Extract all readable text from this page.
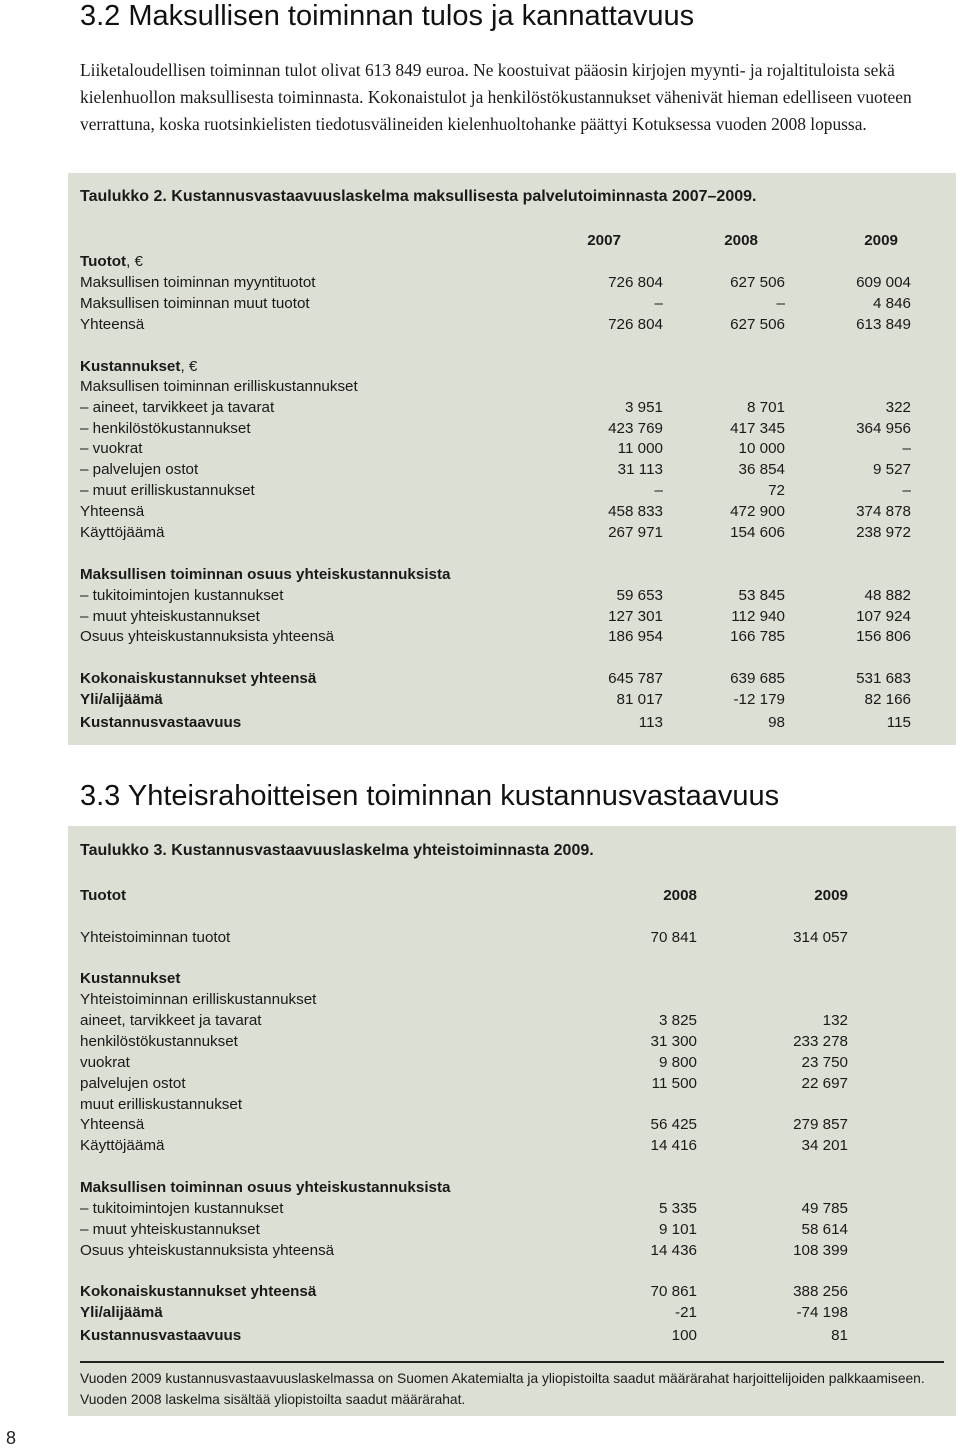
3.2 Maksullisen toiminnan tulos ja kannattavuus

Liiketaloudellisen toiminnan tulot olivat 613 849 euroa. Ne koostuivat pääosin kirjojen myynti- ja rojaltituloista sekä kielenhuollon maksullisesta toiminnasta. Kokonaistulot ja henkilöstökustannukset vähenivät hieman edelliseen vuoteen verrattuna, koska ruotsinkielisten tiedotusvälineiden kielenhuoltohanke päättyi Kotuksessa vuoden 2008 lopussa.

Taulukko 2. Kustannusvastaavuuslaskelma maksullisesta palvelutoiminnasta 2007–2009.

2007	2008	2009
Tuotot, €
Maksullisen toiminnan myyntituotot	726 804	627 506	609 004
Maksullisen toiminnan muut tuotot	–	–	4 846
Yhteensä	726 804	627 506	613 849
Kustannukset, €
Maksullisen toiminnan erilliskustannukset
– aineet, tarvikkeet ja tavarat	3 951	8 701	322
– henkilöstökustannukset	423 769	417 345	364 956
– vuokrat	11 000	10 000	–
– palvelujen ostot	31 113	36 854	9 527
– muut erilliskustannukset	–	72	–
Yhteensä	458 833	472 900	374 878
Käyttöjäämä	267 971	154 606	238 972
Maksullisen toiminnan osuus yhteiskustannuksista
– tukitoimintojen kustannukset	59 653	53 845	48 882
– muut yhteiskustannukset	127 301	112 940	107 924
Osuus yhteiskustannuksista yhteensä	186 954	166 785	156 806
Kokonaiskustannukset yhteensä	645 787	639 685	531 683
Yli/alijäämä	81 017	-12 179	82 166
Kustannusvastaavuus	113	98	115
3.3 Yhteisrahoitteisen toiminnan kustannusvastaavuus

Taulukko 3. Kustannusvastaavuuslaskelma yhteistoiminnasta 2009.

Tuotot	2008	2009
Yhteistoiminnan tuotot	70 841	314 057
Kustannukset
Yhteistoiminnan erilliskustannukset
aineet, tarvikkeet ja tavarat	3 825	132
henkilöstökustannukset	31 300	233 278
vuokrat	9 800	23 750
palvelujen ostot	11 500	22 697
muut erilliskustannukset
Yhteensä	56 425	279 857
Käyttöjäämä	14 416	34 201
Maksullisen toiminnan osuus yhteiskustannuksista
– tukitoimintojen kustannukset	5 335	49 785
– muut yhteiskustannukset	9 101	58 614
Osuus yhteiskustannuksista yhteensä	14 436	108 399
Kokonaiskustannukset yhteensä	70 861	388 256
Yli/alijäämä	-21	-74 198
Kustannusvastaavuus	100	81

Vuoden 2009 kustannusvastaavuuslaskelmassa on Suomen Akatemialta ja yliopistoilta saadut määrärahat harjoittelijoiden palkkaamiseen. Vuoden 2008 laskelma sisältää yliopistoilta saadut määrärahat.

8
